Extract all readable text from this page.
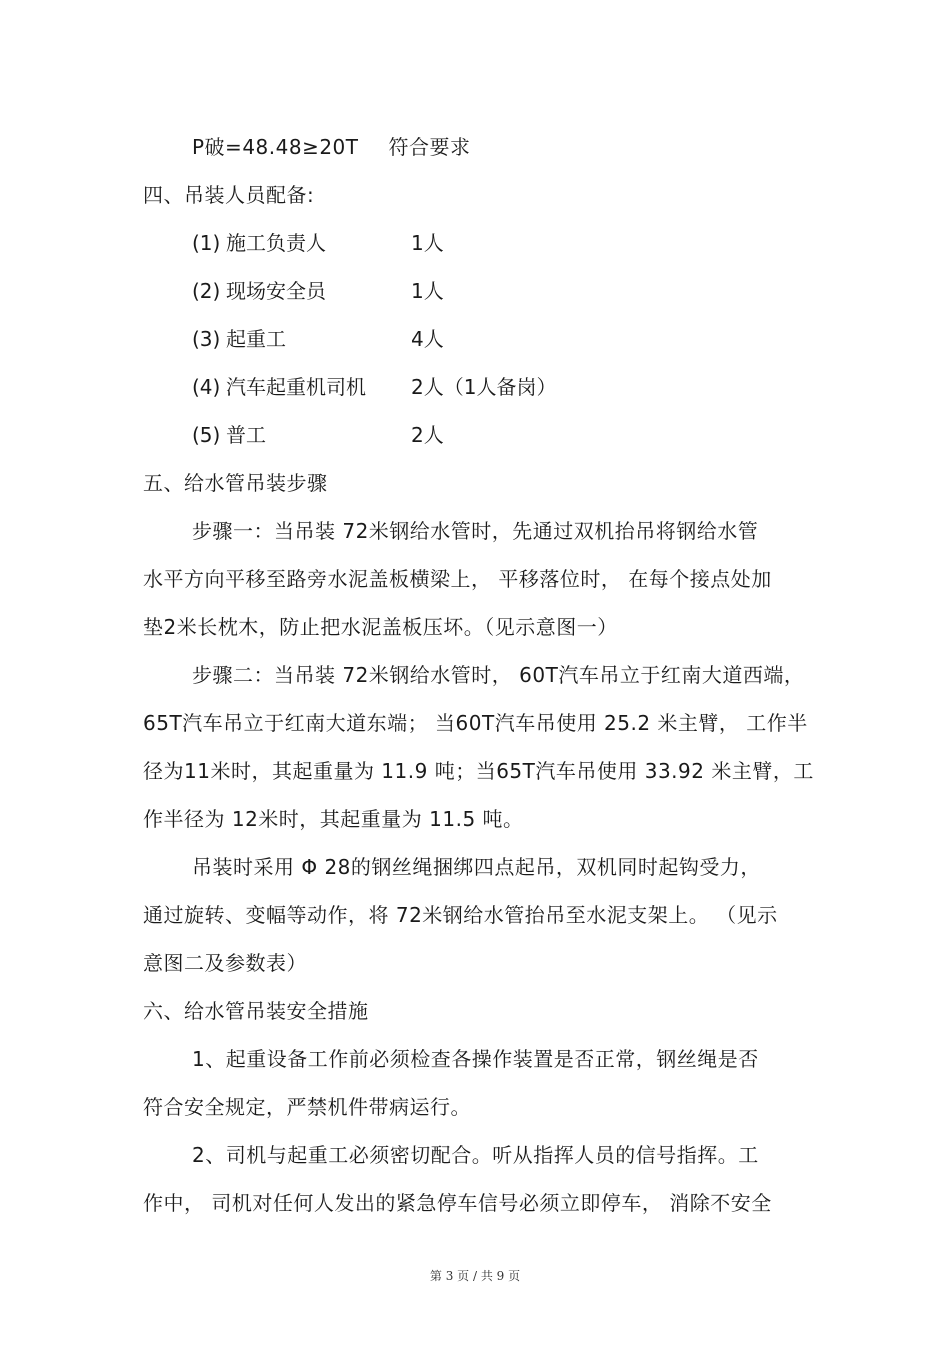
P破=48.48≥20T 符合要求
四、吊装人员配备:
(1) 施工负责人	1人
(2) 现场安全员	1人
(3) 起重工	4人
(4) 汽车起重机司机 2人（1人备岗）
(5) 普工	2人
五、给水管吊装步骤
步骤一：当吊装 72米钢给水管时，先通过双机抬吊将钢给水管
水平方向平移至路旁水泥盖板横梁上， 平移落位时， 在每个接点处加
垫2米长枕木，防止把水泥盖板压坏。（见示意图一）
步骤二：当吊装 72米钢给水管时， 60T汽车吊立于红南大道西端，
65T汽车吊立于红南大道东端； 当60T汽车吊使用 25.2 米主臂， 工作半
径为11米时，其起重量为 11.9 吨；当65T汽车吊使用 33.92 米主臂，工
作半径为 12米时，其起重量为 11.5 吨。
吊装时采用 Φ 28的钢丝绳捆绑四点起吊，双机同时起钩受力，
通过旋转、变幅等动作，将 72米钢给水管抬吊至水泥支架上。 （见示
意图二及参数表）
六、给水管吊装安全措施
1、起重设备工作前必须检查各操作装置是否正常，钢丝绳是否
符合安全规定，严禁机件带病运行。
2、司机与起重工必须密切配合。听从指挥人员的信号指挥。工
作中， 司机对任何人发出的紧急停车信号必须立即停车， 消除不安全
第 3 页 / 共 9 页
